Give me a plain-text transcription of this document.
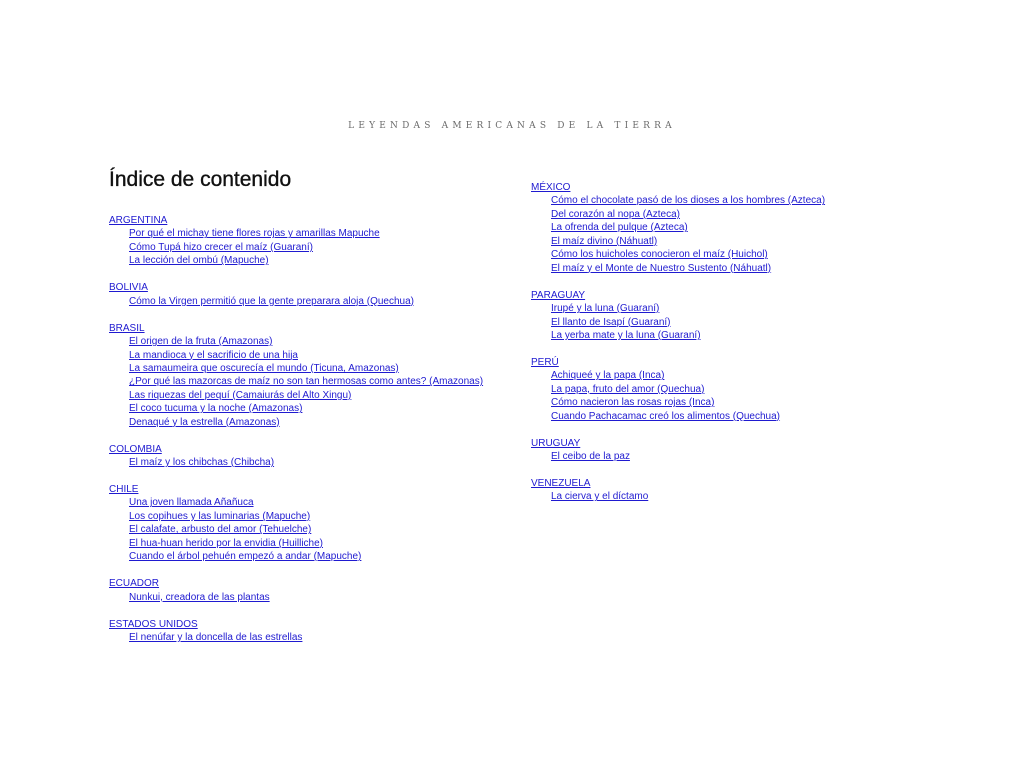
LEYENDAS AMERICANAS DE LA TIERRA
Índice de contenido
ARGENTINA
Por qué el michay tiene flores rojas y amarillas Mapuche
Cómo Tupá hizo crecer el maíz (Guaraní)
La lección del ombú (Mapuche)
BOLIVIA
Cómo la Virgen permitió que la gente preparara aloja (Quechua)
BRASIL
El origen de la fruta (Amazonas)
La mandioca y el sacrificio de una hija
La samaumeira que oscurecía el mundo (Ticuna, Amazonas)
¿Por qué las mazorcas de maíz no son tan hermosas como antes? (Amazonas)
Las riquezas del pequí (Camaiurás del Alto Xingu)
El coco tucuma y la noche (Amazonas)
Denaqué y la estrella (Amazonas)
COLOMBIA
El maíz y los chibchas (Chibcha)
CHILE
Una joven llamada Añañuca
Los copihues y las luminarias (Mapuche)
El calafate, arbusto del amor (Tehuelche)
El hua-huan herido por la envidia (Huilliche)
Cuando el árbol pehuén empezó a andar (Mapuche)
ECUADOR
Nunkui, creadora de las plantas
ESTADOS UNIDOS
El nenúfar y la doncella de las estrellas
MÉXICO
Cómo el chocolate pasó de los dioses a los hombres (Azteca)
Del corazón al nopa (Azteca)
La ofrenda del pulque (Azteca)
El maíz divino (Náhuatl)
Cómo los huicholes conocieron el maíz (Huichol)
El maíz y el Monte de Nuestro Sustento (Náhuatl)
PARAGUAY
Irupé y la luna (Guaraní)
El llanto de Isapí (Guaraní)
La yerba mate y la luna (Guaraní)
PERÚ
Achiqueé y la papa (Inca)
La papa, fruto del amor (Quechua)
Cómo nacieron las rosas rojas (Inca)
Cuando Pachacamac creó los alimentos (Quechua)
URUGUAY
El ceibo de la paz
VENEZUELA
La cierva y el díctamo
